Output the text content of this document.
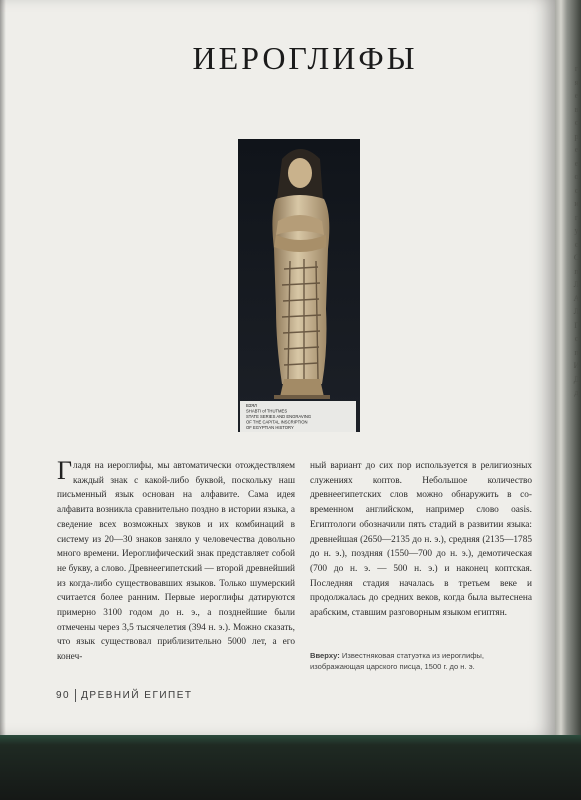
ИЕРОГЛИФЫ
ВЗЯЛ
SHABTI of THUTMES
STATE SERIES AND ENGRAVING
OF THE CAPITAL INSCRIPTION
OF EGYPTIAN HISTORY
Гладя на иероглифы, мы автоматически отождествляем каждый знак с какой-либо буквой, поскольку наш письменный язык основан на алфавите. Сама идея алфавита возникла сравнительно поздно в истории языка, а сведение всех возможных звуков и их комбинаций в систему из 20—30 знаков заняло у человечества довольно много времени. Иероглифический знак представляет собой не букву, а слово. Древнеегипетский — второй древнейший из когда-либо существовавших языков. Только шумерский считается более ранним. Первые иероглифы датируются примерно 3100 годом до н. э., а позднейшие были отмечены через 3,5 тысячелетия (394 н. э.). Можно сказать, что язык существовал приблизительно 5000 лет, а его конеч-
ный вариант до сих пор используется в религиозных служениях коптов. Небольшое количество древнеегипетских слов можно обнаружить в современном английском, например слово oasis. Египтологи обозначили пять стадий в развитии языка: древнейшая (2650—2135 до н. э.), средняя (2135—1785 до н. э.), поздняя (1550—700 до н. э.), демотическая (700 до н. э. — 500 н. э.) и наконец коптская. Последняя стадия началась в третьем веке и продолжалась до средних веков, когда была вытеснена арабским, ставшим разговорным языком египтян.
Вверху: Известняковая статуэтка из иероглифы, изображающая царского писца, 1500 г. до н. э.
90 ДРЕВНИЙ ЕГИПЕТ
г
я
е
в
с
р
е
е
о
с
и
г
у
с
С
п
Л
А
Л
Г
с
п
И
Д
д
